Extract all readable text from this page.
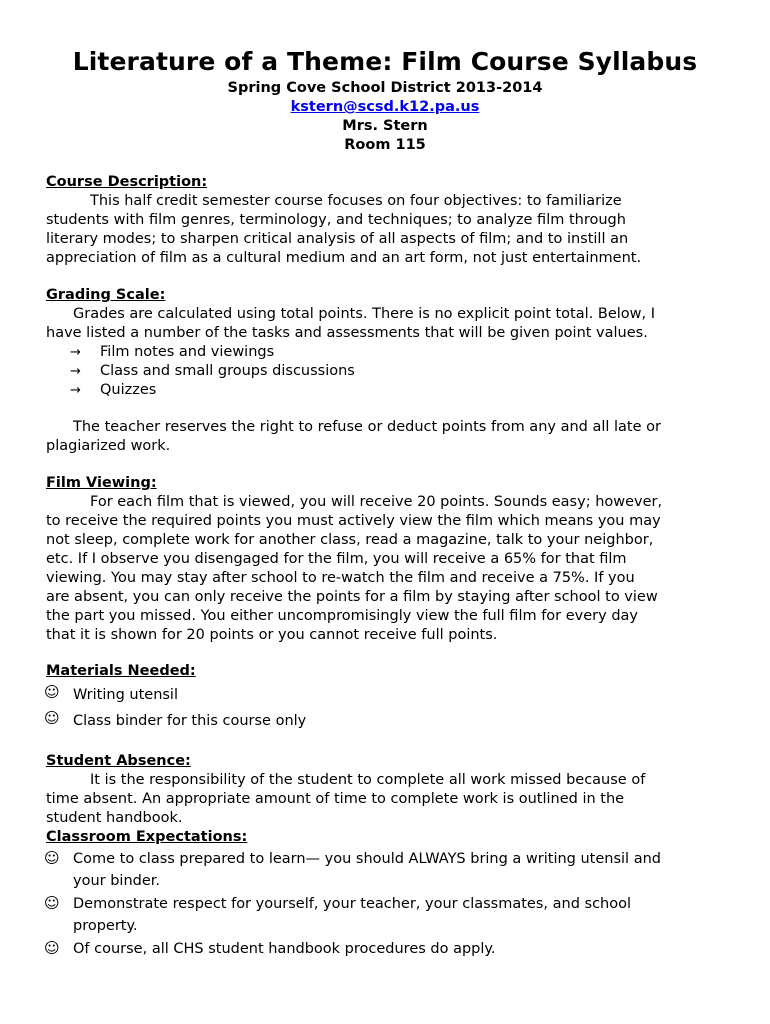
Literature of a Theme: Film Course Syllabus
Spring Cove School District 2013-2014
kstern@scsd.k12.pa.us
Mrs. Stern
Room 115
Course Description:
This half credit semester course focuses on four objectives: to familiarize
students with film genres, terminology, and techniques; to analyze film through
literary modes; to sharpen critical analysis of all aspects of film; and to instill an
appreciation of film as a cultural medium and an art form, not just entertainment.
Grading Scale:
Grades are calculated using total points. There is no explicit point total. Below, I
have listed a number of the tasks and assessments that will be given point values.
→ Film notes and viewings
→ Class and small groups discussions
→ Quizzes
The teacher reserves the right to refuse or deduct points from any and all late or
plagiarized work.
Film Viewing:
For each film that is viewed, you will receive 20 points. Sounds easy; however,
to receive the required points you must actively view the film which means you may
not sleep, complete work for another class, read a magazine, talk to your neighbor,
etc. If I observe you disengaged for the film, you will receive a 65% for that film
viewing. You may stay after school to re-watch the film and receive a 75%. If you
are absent, you can only receive the points for a film by staying after school to view
the part you missed. You either uncompromisingly view the full film for every day
that it is shown for 20 points or you cannot receive full points.
Materials Needed:
☺ Writing utensil
☺ Class binder for this course only
Student Absence:
It is the responsibility of the student to complete all work missed because of
time absent. An appropriate amount of time to complete work is outlined in the
student handbook.
Classroom Expectations:
☺ Come to class prepared to learn— you should ALWAYS bring a writing utensil and
your binder.
☺ Demonstrate respect for yourself, your teacher, your classmates, and school
property.
☺ Of course, all CHS student handbook procedures do apply.
